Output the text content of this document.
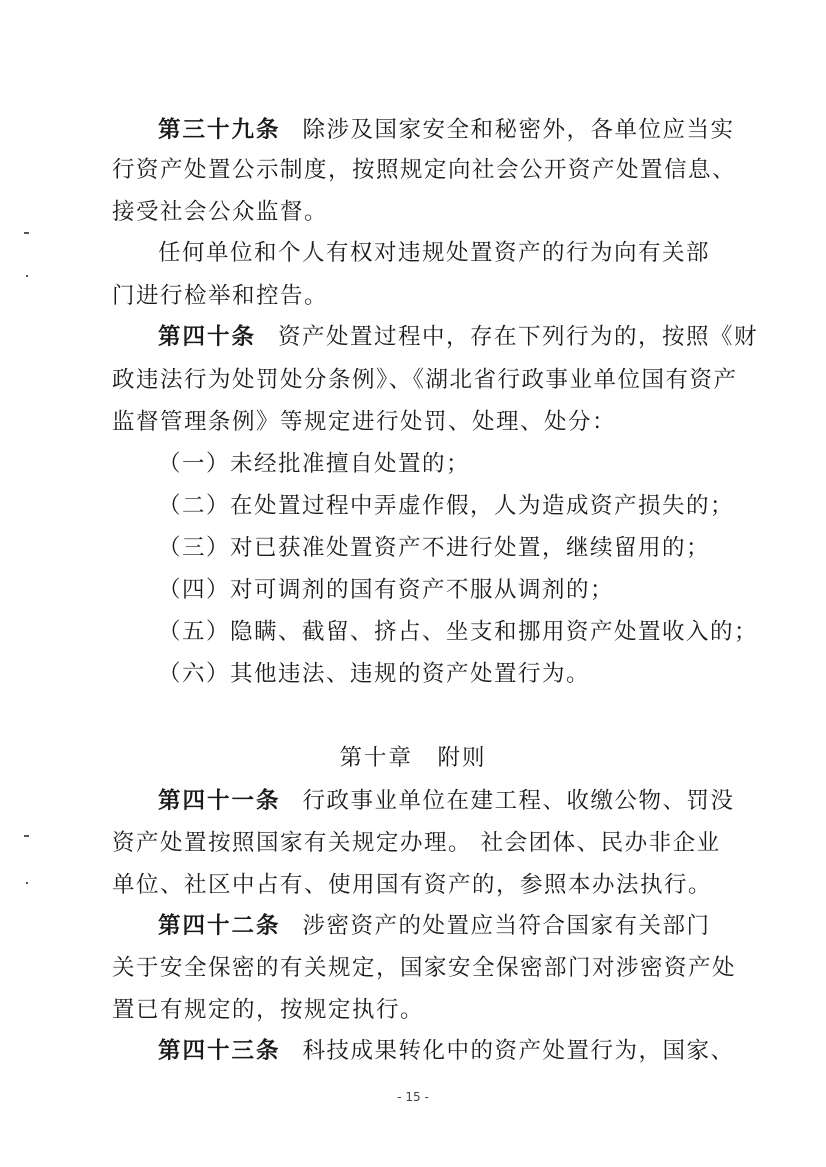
第三十九条 除涉及国家安全和秘密外，各单位应当实
行资产处置公示制度，按照规定向社会公开资产处置信息、
接受社会公众监督。
任何单位和个人有权对违规处置资产的行为向有关部
门进行检举和控告。
第四十条 资产处置过程中，存在下列行为的，按照《财
政违法行为处罚处分条例》、《湖北省行政事业单位国有资产
监督管理条例》等规定进行处罚、处理、处分：
（一）未经批准擅自处置的；
（二）在处置过程中弄虚作假，人为造成资产损失的；
（三）对已获准处置资产不进行处置，继续留用的；
（四）对可调剂的国有资产不服从调剂的；
（五）隐瞒、截留、挤占、坐支和挪用资产处置收入的；
（六）其他违法、违规的资产处置行为。
第十章　附则
第四十一条 行政事业单位在建工程、收缴公物、罚没
资产处置按照国家有关规定办理。 社会团体、民办非企业
单位、社区中占有、使用国有资产的，参照本办法执行。
第四十二条 涉密资产的处置应当符合国家有关部门
关于安全保密的有关规定，国家安全保密部门对涉密资产处
置已有规定的，按规定执行。
第四十三条 科技成果转化中的资产处置行为，国家、
- 15 -
